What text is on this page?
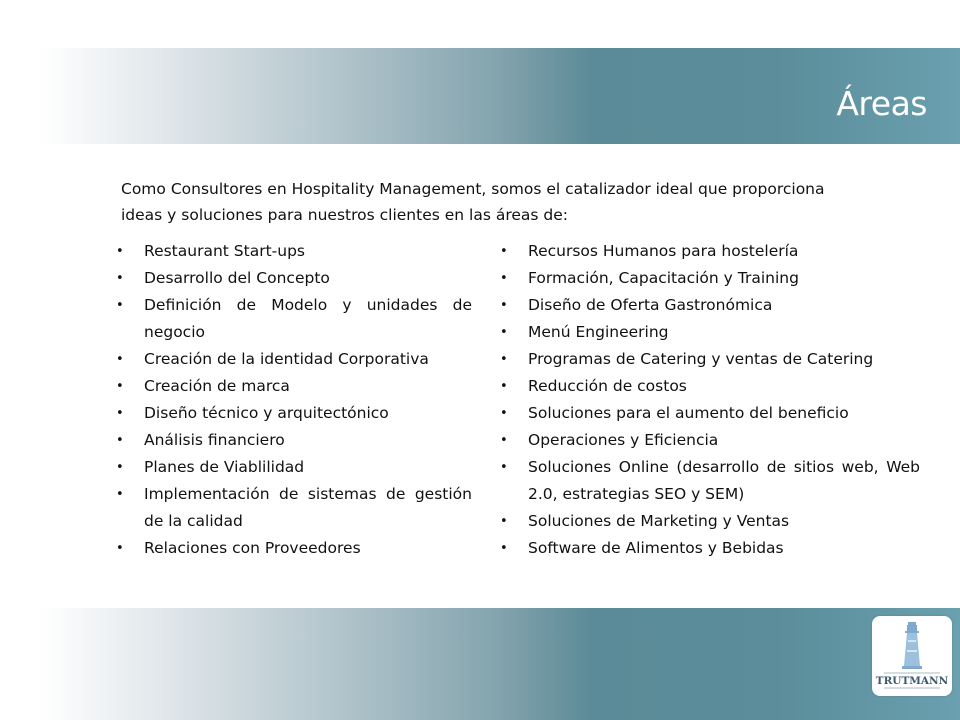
Áreas

Como Consultores en Hospitality Management, somos el catalizador ideal que proporciona ideas y soluciones para nuestros clientes en las áreas de:

• Restaurant Start-ups
• Desarrollo del Concepto
• Definición de Modelo y unidades de negocio
• Creación de la identidad Corporativa
• Creación de marca
• Diseño técnico y arquitectónico
• Análisis financiero
• Planes de Viablilidad
• Implementación de sistemas de gestión de la calidad
• Relaciones con Proveedores
• Recursos Humanos para hostelería
• Formación, Capacitación y Training
• Diseño de Oferta Gastronómica
• Menú Engineering
• Programas de Catering y ventas de Catering
• Reducción de costos
• Soluciones para el aumento del beneficio
• Operaciones y Eficiencia
• Soluciones Online (desarrollo de sitios web, Web 2.0, estrategias SEO y SEM)
• Soluciones de Marketing y Ventas
• Software de Alimentos y Bebidas
TRUTMANN
